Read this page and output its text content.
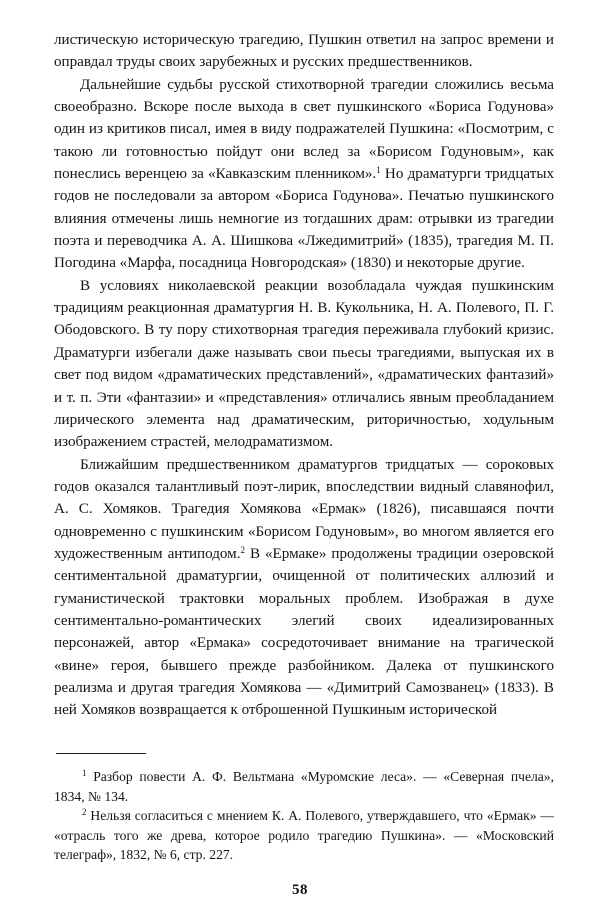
листическую историческую трагедию, Пушкин ответил на запрос времени и оправдал труды своих зарубежных и русских предшественников.

Дальнейшие судьбы русской стихотворной трагедии сложились весьма своеобразно. Вскоре после выхода в свет пушкинского «Бориса Годунова» один из критиков писал, имея в виду подражателей Пушкина: «Посмотрим, с такою ли готовностью пойдут они вслед за «Борисом Годуновым», как понеслись веренцею за «Кавказским пленником».$^1$ Но драматурги тридцатых годов не последовали за автором «Бориса Годунова». Печатью пушкинского влияния отмечены лишь немногие из тогдашних драм: отрывки из трагедии поэта и переводчика А. А. Шишкова «Лжедимитрий» (1835), трагедия М. П. Погодина «Марфа, посадница Новгородская» (1830) и некоторые другие.

В условиях николаевской реакции возобладала чуждая пушкинским традициям реакционная драматургия Н. В. Кукольника, Н. А. Полевого, П. Г. Ободовского. В ту пору стихотворная трагедия переживала глубокий кризис. Драматурги избегали даже называть свои пьесы трагедиями, выпуская их в свет под видом «драматических представлений», «драматических фантазий» и т. п. Эти «фантазии» и «представления» отличались явным преобладанием лирического элемента над драматическим, риторичностью, ходульным изображением страстей, мелодраматизмом.

Ближайшим предшественником драматургов тридцатых — сороковых годов оказался талантливый поэт-лирик, впоследствии видный славянофил, А. С. Хомяков. Трагедия Хомякова «Ермак» (1826), писавшаяся почти одновременно с пушкинским «Борисом Годуновым», во многом является его художественным антиподом.$^2$ В «Ермаке» продолжены традиции озеровской сентиментальной драматургии, очищенной от политических аллюзий и гуманистической трактовки моральных проблем. Изображая в духе сентиментально-романтических элегий своих идеализированных персонажей, автор «Ермака» сосредоточивает внимание на трагической «вине» героя, бывшего прежде разбойником. Далека от пушкинского реализма и другая трагедия Хомякова — «Димитрий Самозванец» (1833). В ней Хомяков возвращается к отброшенной Пушкиным исторической

$^1$ Разбор повести А. Ф. Вельтмана «Муромские леса». — «Северная пчела», 1834, № 134.

$^2$ Нельзя согласиться с мнением К. А. Полевого, утверждавшего, что «Ермак» — «отрасль того же древа, которое родило трагедию Пушкина». — «Московский телеграф», 1832, № 6, стр. 227.

58
